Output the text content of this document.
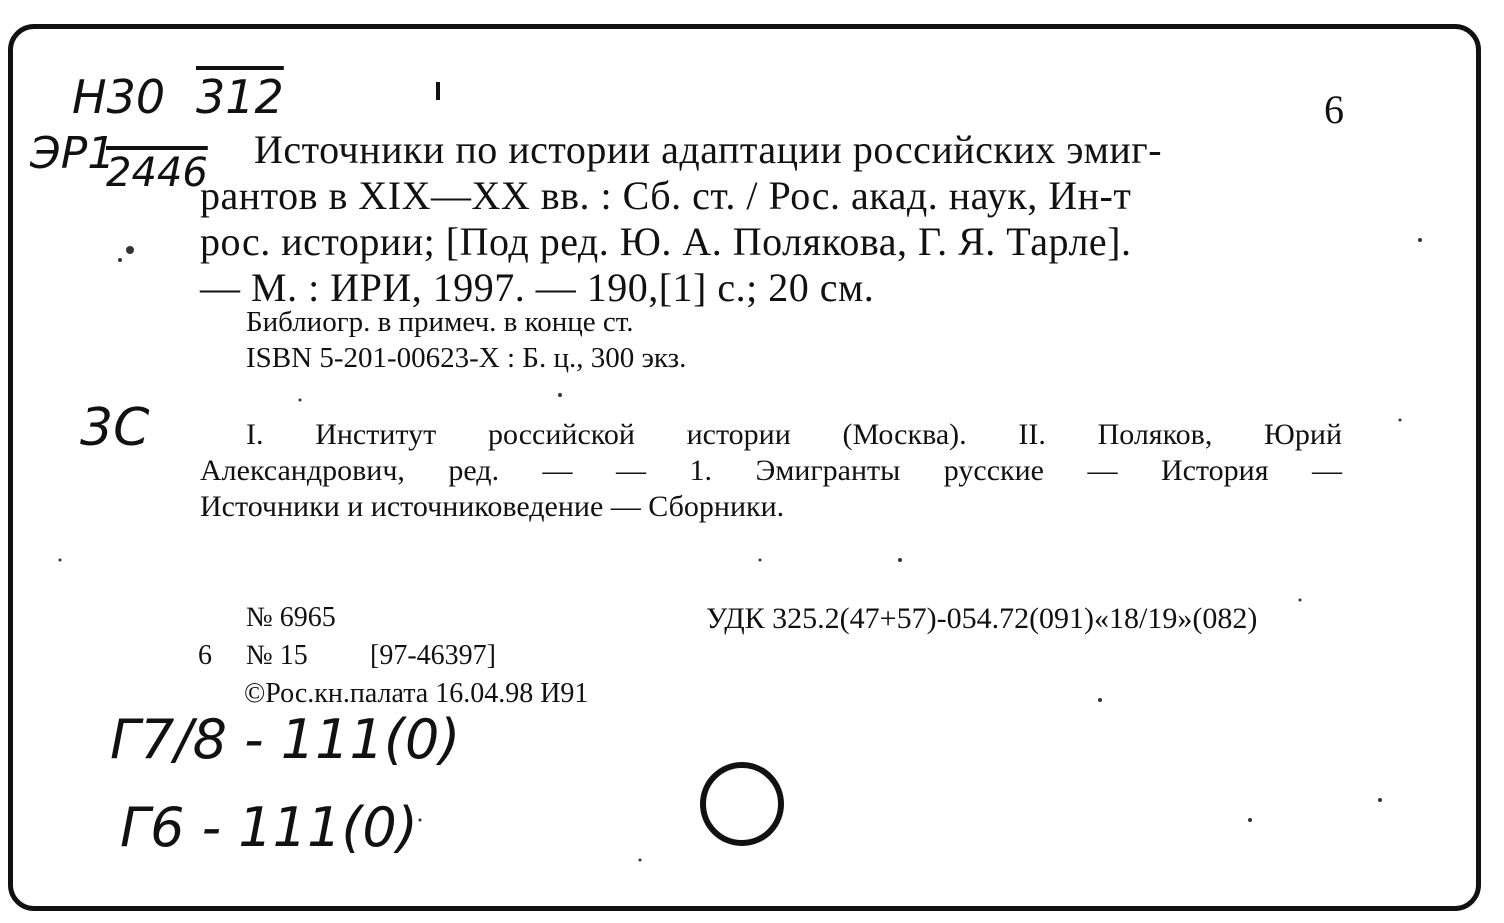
Н30 312
ЭР1
2446
3С
Г7/8 - 111(0)
Г6 - 111(0)
6
Источники по истории адаптации российских эмиг-
рантов в XIX—XX вв. : Сб. ст. / Рос. акад. наук, Ин-т
рос. истории; [Под ред. Ю. А. Полякова, Г. Я. Тарле].
— М. : ИРИ, 1997. — 190,[1] с.; 20 см.
Библиогр. в примеч. в конце ст.
ISBN 5-201-00623-X : Б. ц., 300 экз.
I. Институт российской истории (Москва). II. Поляков, Юрий
Александрович, ред. — — 1. Эмигранты русские — История —
Источники и источниковедение — Сборники.
№ 6965	УДК 325.2(47+57)-054.72(091)«18/19»(082)
6 № 15 [97-46397]
©Рос.кн.палата 16.04.98 И91
